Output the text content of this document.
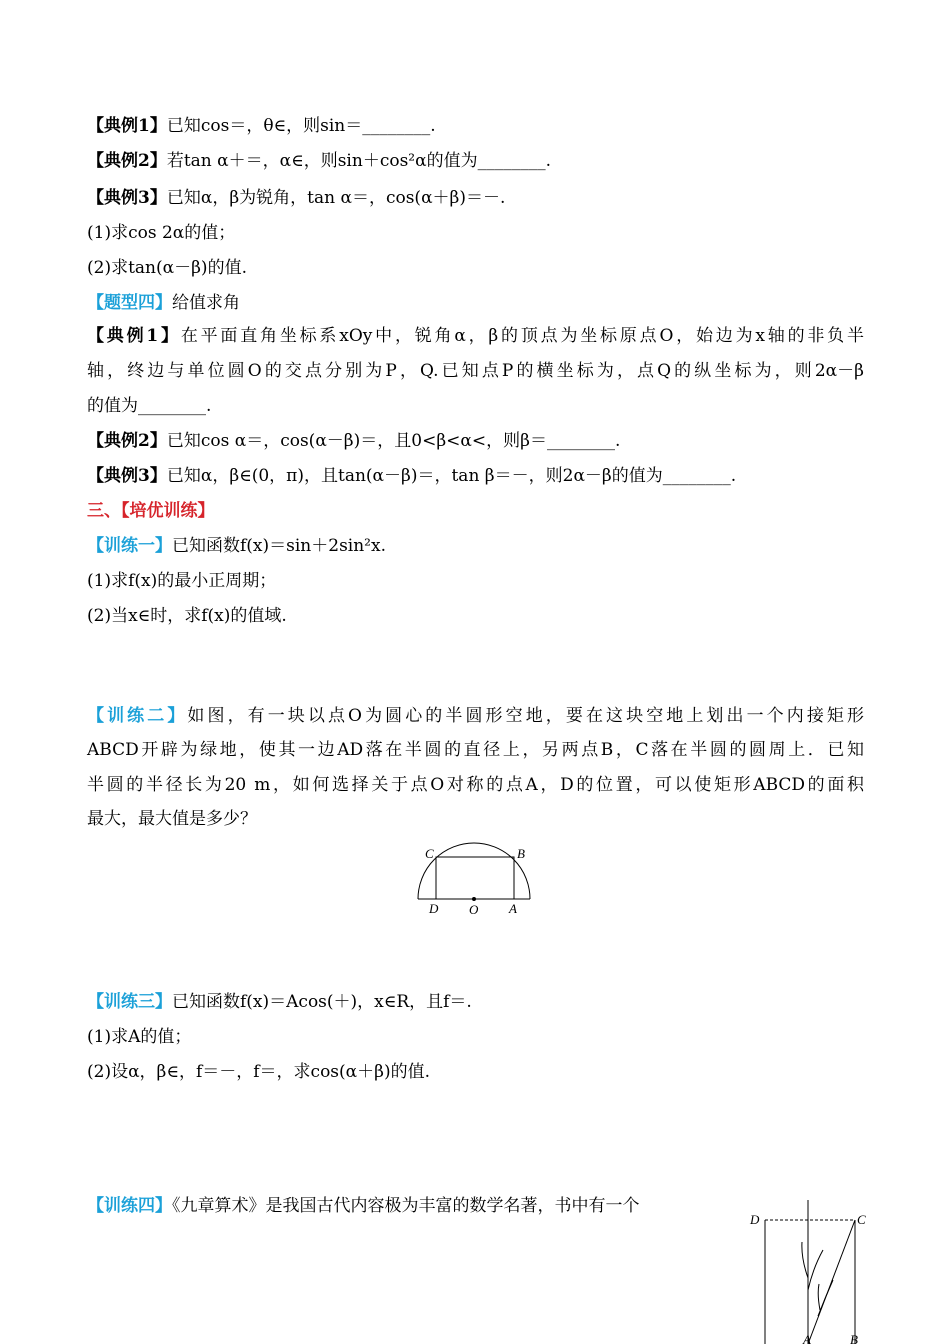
【典例1】已知cos＝，θ∈，则sin＝________.
【典例2】若tan α＋＝，α∈，则sin＋cos²α的值为________.
【典例3】已知α，β为锐角，tan α＝，cos(α＋β)＝－.
(1)求cos 2α的值；
(2)求tan(α－β)的值.
【题型四】给值求角
【典例1】在平面直角坐标系xOy中，锐角α，β的顶点为坐标原点O，始边为x轴的非负半
轴，终边与单位圆O的交点分别为P，Q.已知点P的横坐标为，点Q的纵坐标为，则2α－β
的值为________.
【典例2】已知cos α＝，cos(α－β)＝，且0<β<α<，则β＝________.
【典例3】已知α，β∈(0，π)，且tan(α－β)＝，tan β＝－，则2α－β的值为________.
三、【培优训练】
【训练一】已知函数f(x)＝sin＋2sin²x.
(1)求f(x)的最小正周期；
(2)当x∈时，求f(x)的值域.
【训练二】如图，有一块以点O为圆心的半圆形空地，要在这块空地上划出一个内接矩形
ABCD开辟为绿地，使其一边AD落在半圆的直径上，另两点B，C落在半圆的圆周上．已知
半圆的半径长为20 m，如何选择关于点O对称的点A，D的位置，可以使矩形ABCD的面积
最大，最大值是多少？
C	B
D O A
【训练三】已知函数f(x)＝Acos(＋)，x∈R，且f＝.
(1)求A的值；
(2)设α，β∈，f＝－，f＝，求cos(α＋β)的值.
【训练四】《九章算术》是我国古代内容极为丰富的数学名著，书中有一个
D	C
A	B
